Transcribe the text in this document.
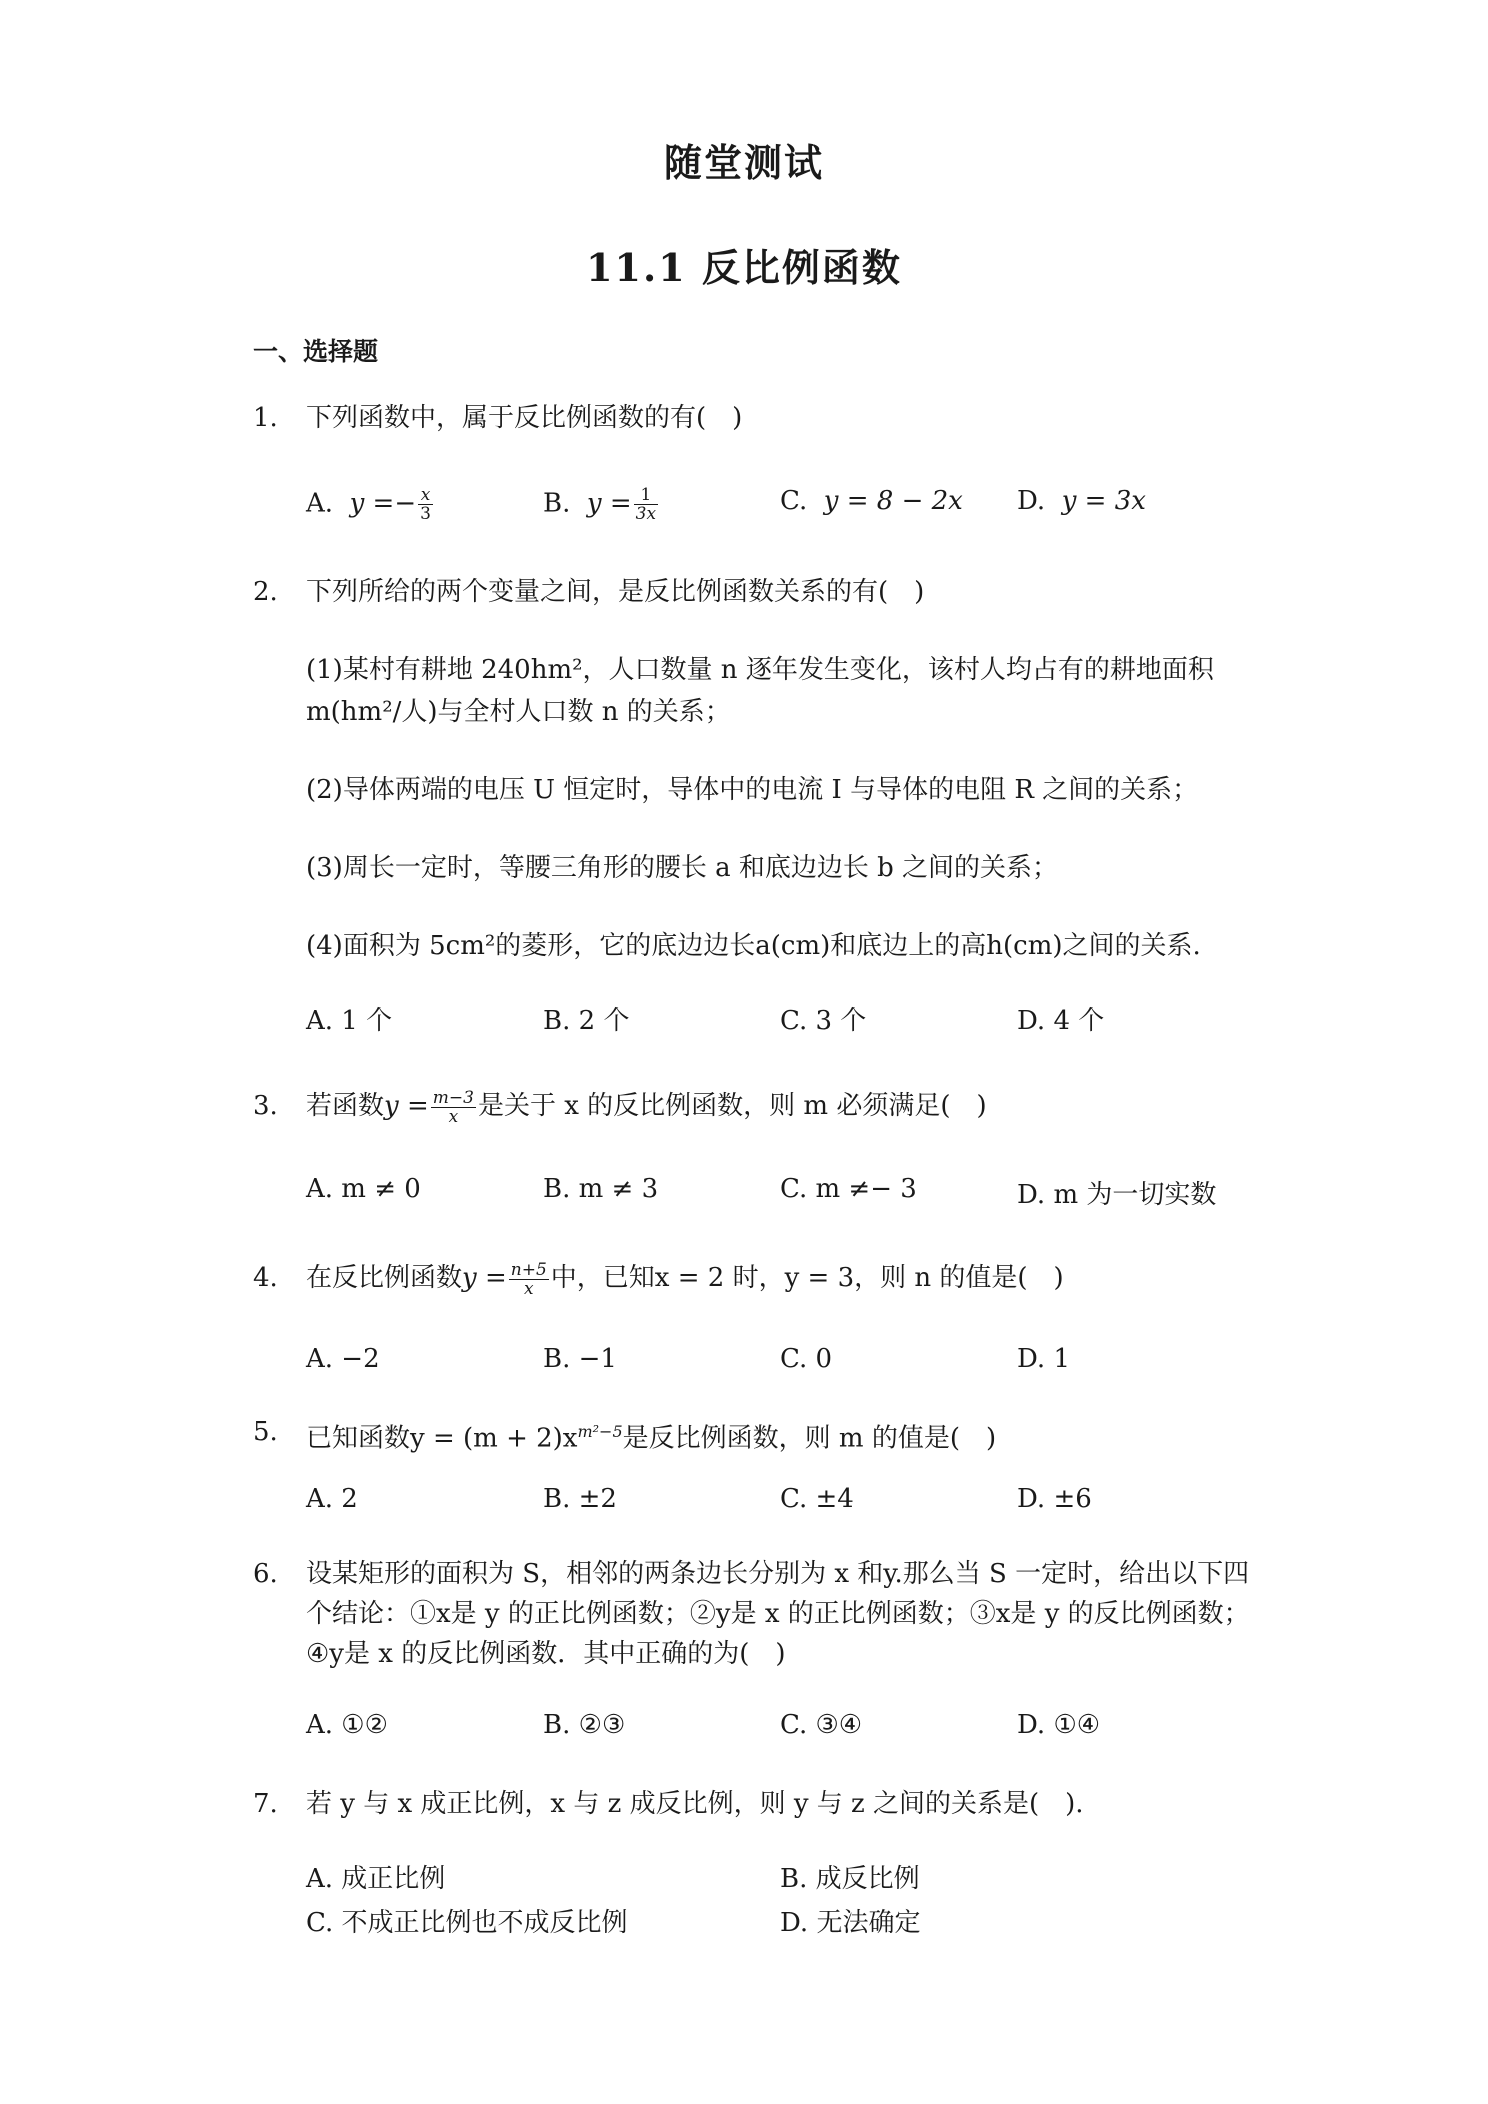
随堂测试
11.1 反比例函数
一、选择题
1.	下列函数中，属于反比例函数的有(　)
A. $y =- \frac{x}{3}$	B. $y = \frac{1}{3x}$	C. y = 8 − 2x D. y = 3x
2.	下列所给的两个变量之间，是反比例函数关系的有(　)
(1)某村有耕地 240hm²，人口数量 n 逐年发生变化，该村人均占有的耕地面积
m(hm²/人)与全村人口数 n 的关系；
(2)导体两端的电压 U 恒定时，导体中的电流 I 与导体的电阻 R 之间的关系；
(3)周长一定时，等腰三角形的腰长 a 和底边边长 b 之间的关系；
(4)面积为 5cm²的菱形，它的底边边长a(cm)和底边上的高h(cm)之间的关系.
A. 1 个	B. 2 个	C. 3 个	D. 4 个
3.	若函数$y = \frac{m-3}{x}$ 是关于 x 的反比例函数，则 m 必须满足(　)
A. m ≠ 0	B. m ≠ 3	C. m ≠− 3	D. m 为一切实数
4.	在反比例函数$y = \frac{n+5}{x}$ 中，已知x = 2 时，y = 3，则 n 的值是(　)
A. −2	B. −1	C. 0	D. 1
5.	已知函数$y = (m + 2)x^{m^2-5}$是反比例函数，则 m 的值是(　)
A. 2	B. ±2	C. ±4	D. ±6
6.	设某矩形的面积为 S，相邻的两条边长分别为 x 和y.那么当 S 一定时，给出以下四
个结论：①x是 y 的正比例函数；②y是 x 的正比例函数；③x是 y 的反比例函数；
④y是 x 的反比例函数．其中正确的为(　)
A. ①②	B. ②③	C. ③④	D. ①④
7.	若 y 与 x 成正比例，x 与 z 成反比例，则 y 与 z 之间的关系是(　).
A. 成正比例	B. 成反比例
C. 不成正比例也不成反比例	D. 无法确定
